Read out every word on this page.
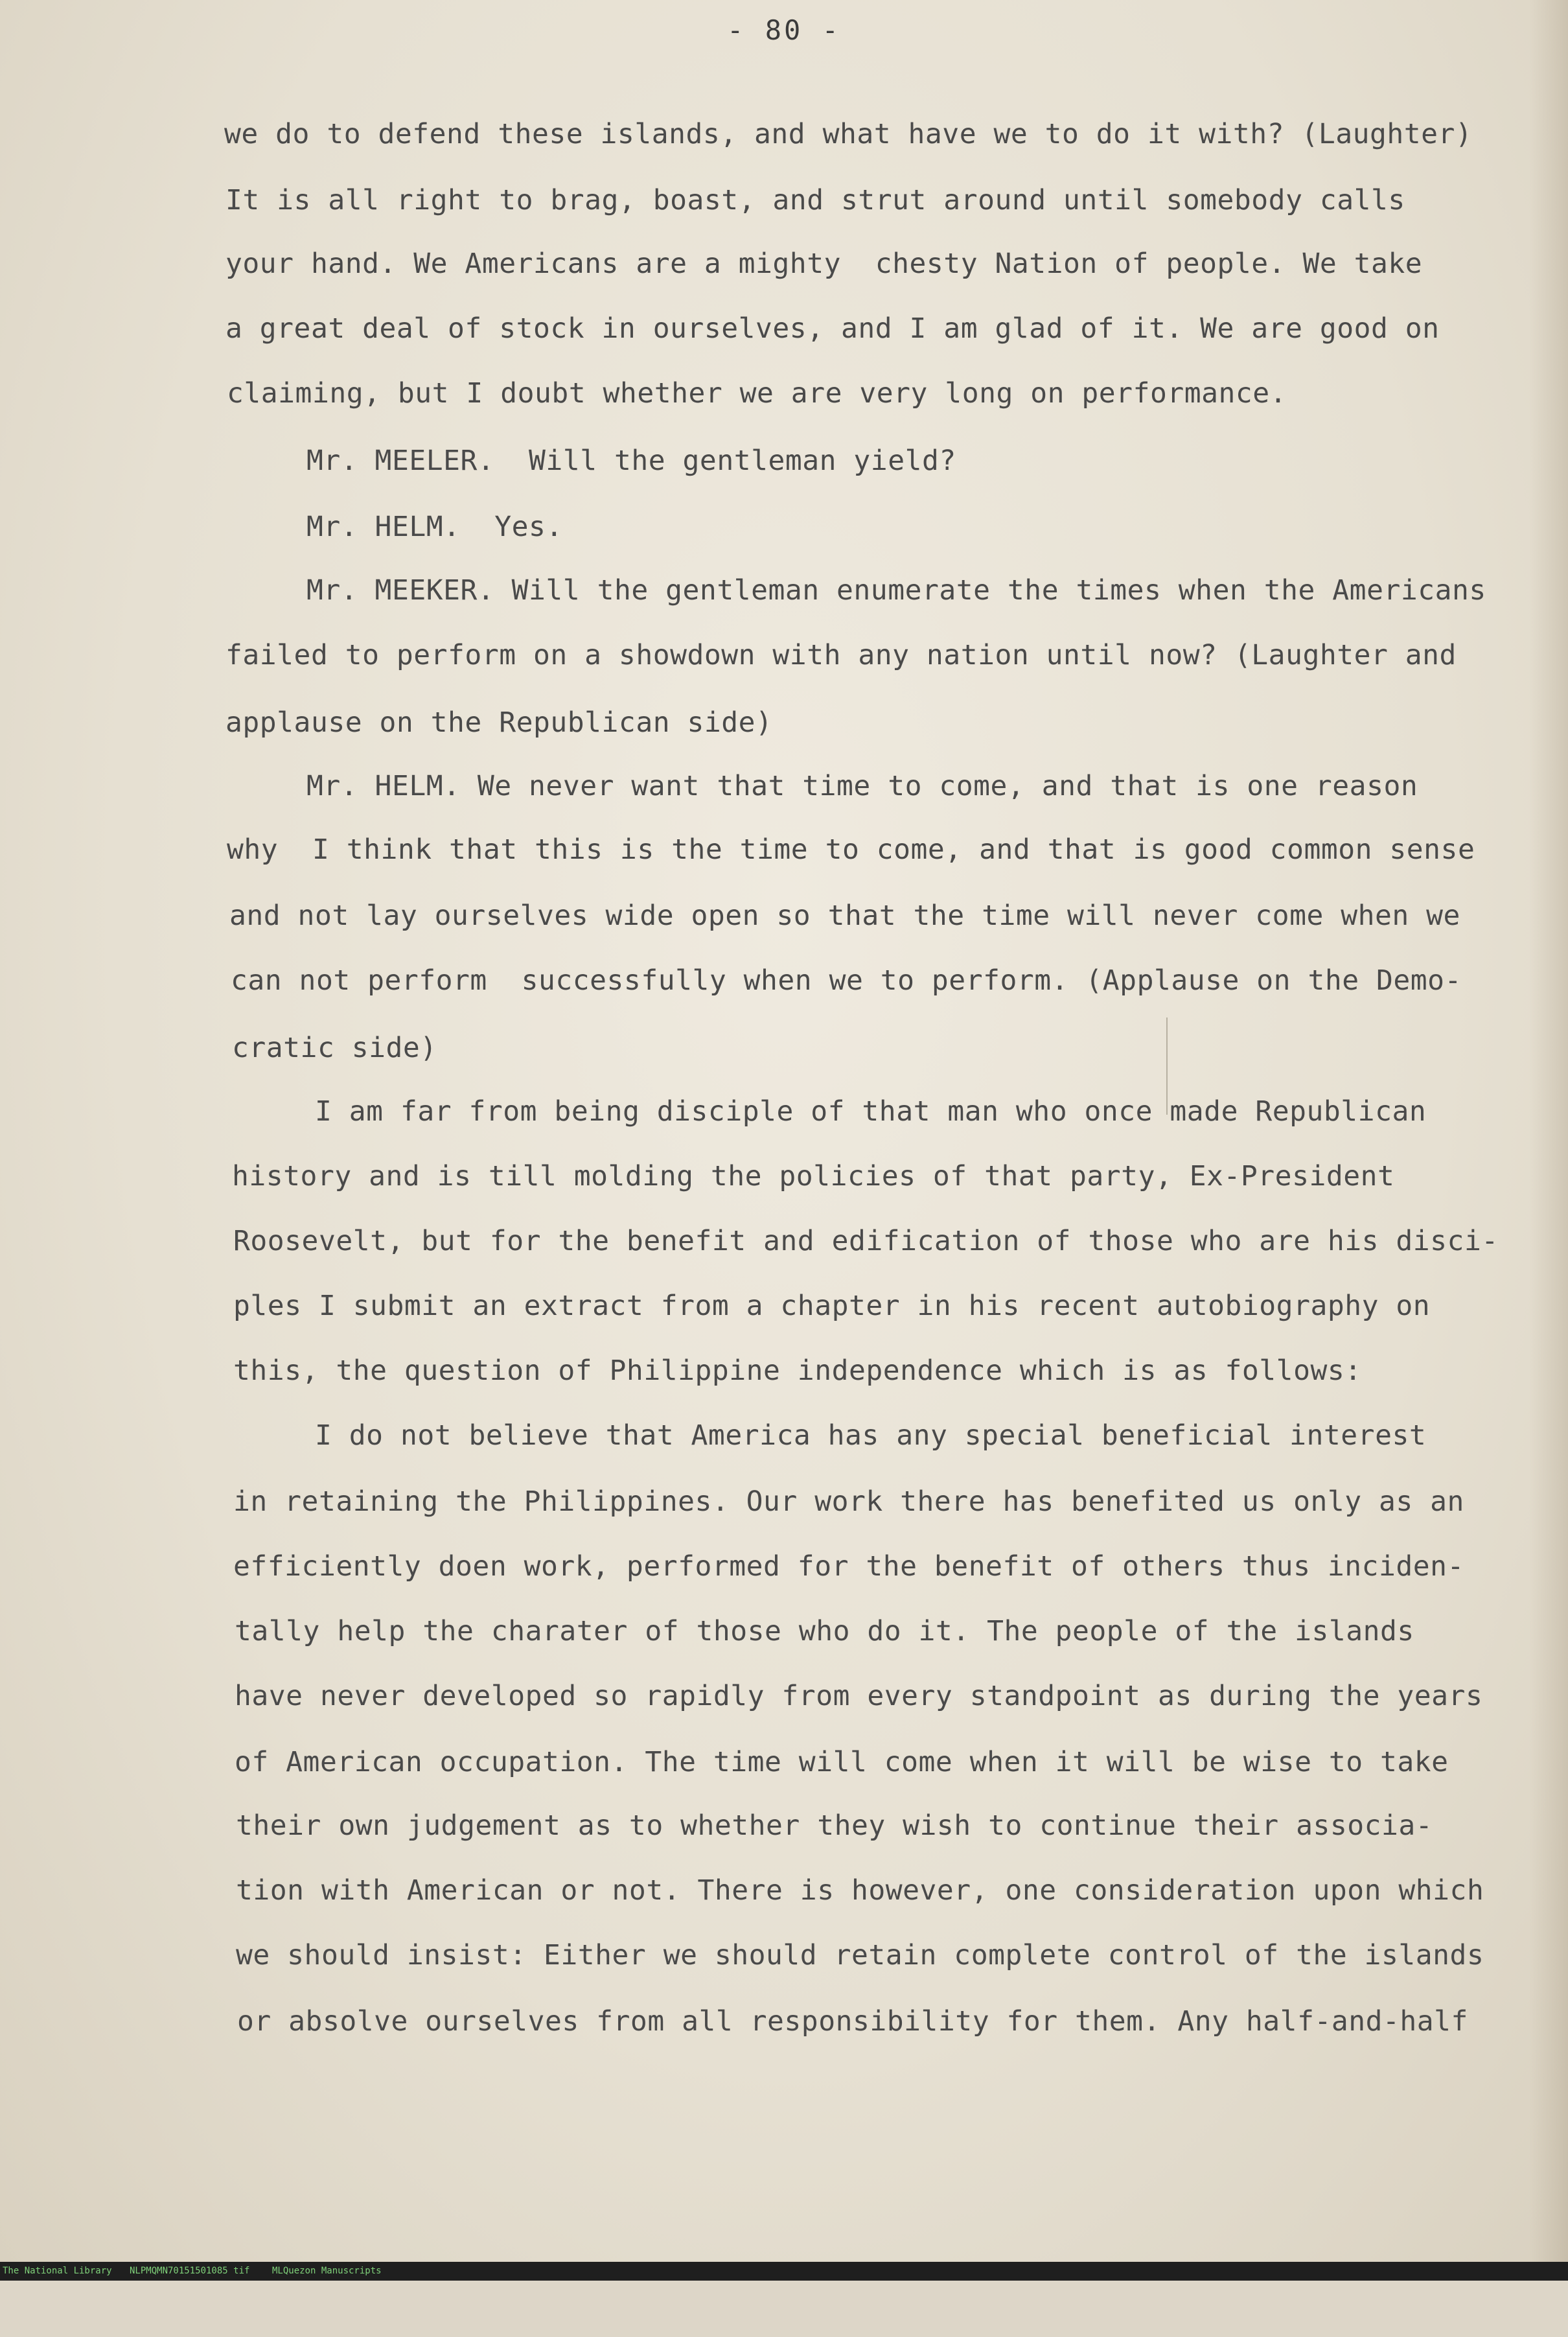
- 80 -
we do to defend these islands, and what have we to do it with? (Laughter)
It is all right to brag, boast, and strut around until somebody calls
your hand. We Americans are a mighty  chesty Nation of people. We take
a great deal of stock in ourselves, and I am glad of it. We are good on
claiming, but I doubt whether we are very long on performance.
Mr. MEELER.  Will the gentleman yield?
Mr. HELM.  Yes.
Mr. MEEKER. Will the gentleman enumerate the times when the Americans
failed to perform on a showdown with any nation until now? (Laughter and
applause on the Republican side)
Mr. HELM. We never want that time to come, and that is one reason
why  I think that this is the time to come, and that is good common sense
and not lay ourselves wide open so that the time will never come when we
can not perform  successfully when we to perform. (Applause on the Demo-
cratic side)
I am far from being disciple of that man who once made Republican
history and is till molding the policies of that party, Ex-President
Roosevelt, but for the benefit and edification of those who are his disci-
ples I submit an extract from a chapter in his recent autobiography on
this, the question of Philippine independence which is as follows:
I do not believe that America has any special beneficial interest
in retaining the Philippines. Our work there has benefited us only as an
efficiently doen work, performed for the benefit of others thus inciden-
tally help the charater of those who do it. The people of the islands
have never developed so rapidly from every standpoint as during the years
of American occupation. The time will come when it will be wise to take
their own judgement as to whether they wish to continue their associa-
tion with American or not. There is however, one consideration upon which
we should insist: Either we should retain complete control of the islands
or absolve ourselves from all responsibility for them. Any half-and-half

The National Library

NLPMQMN70151501085 tif

MLQuezon Manuscripts
